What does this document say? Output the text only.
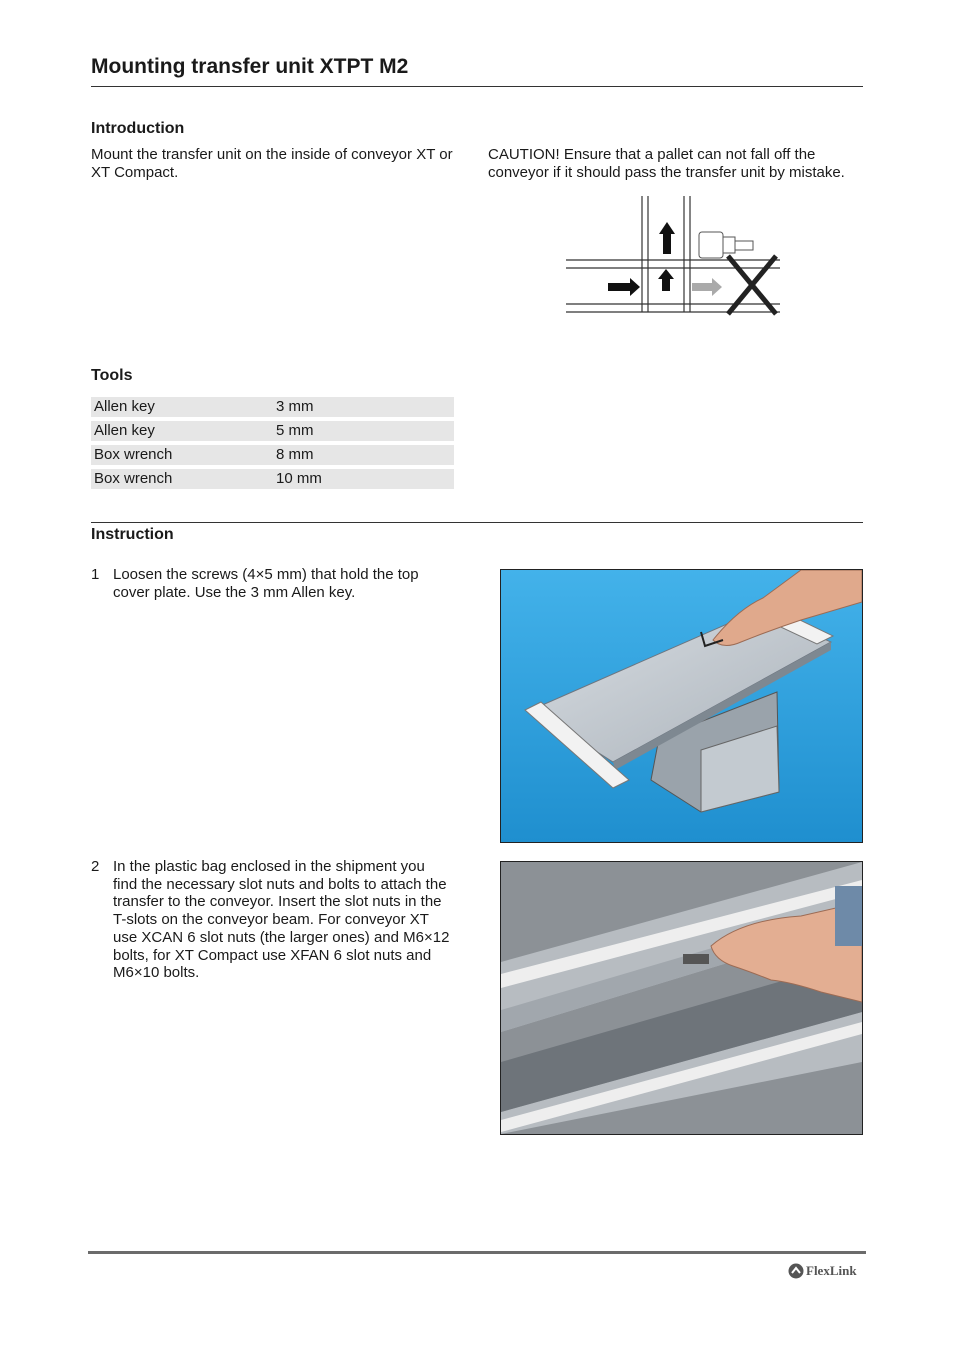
Mounting transfer unit XTPT M2
Introduction
Mount the transfer unit on the inside of conveyor XT or XT Compact.
CAUTION! Ensure that a pallet can not fall off the conveyor if it should pass the transfer unit by mistake.
Tools
Allen key	3 mm
Allen key	5 mm
Box wrench	8 mm
Box wrench	10 mm
Instruction
1 Loosen the screws (4×5 mm) that hold the top cover plate. Use the 3 mm Allen key.
2 In the plastic bag enclosed in the shipment you find the necessary slot nuts and bolts to attach the transfer to the conveyor. Insert the slot nuts in the T-slots on the conveyor beam. For conveyor XT use XCAN 6 slot nuts (the larger ones) and M6×12 bolts, for XT Compact use XFAN 6 slot nuts and M6×10 bolts.
FlexLink
